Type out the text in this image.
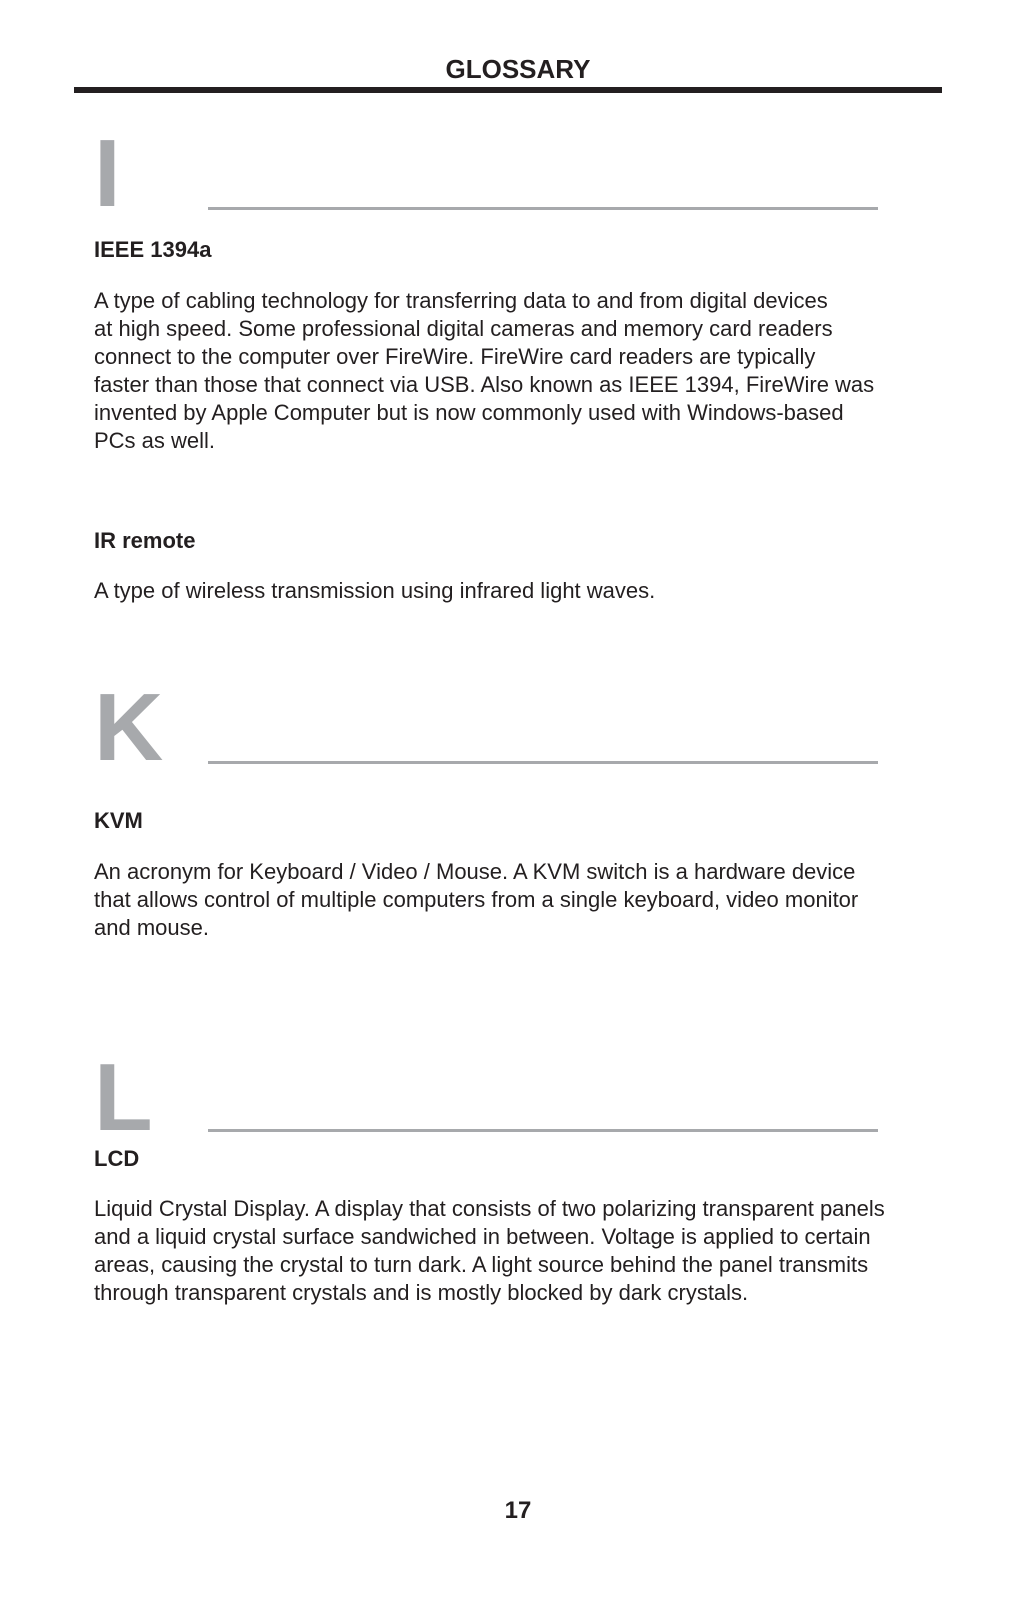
GLOSSARY
I
IEEE 1394a
A type of cabling technology for transferring data to and from digital devices
at high speed. Some professional digital cameras and memory card readers
connect to the computer over FireWire. FireWire card readers are typically
faster than those that connect via USB. Also known as IEEE 1394, FireWire was
invented by Apple Computer but is now commonly used with Windows-based
PCs as well.
IR remote
A type of wireless transmission using infrared light waves.
K
KVM
An acronym for Keyboard / Video / Mouse. A KVM switch is a hardware device
that allows control of multiple computers from a single keyboard, video monitor
and mouse.
L
LCD
Liquid Crystal Display. A display that consists of two polarizing transparent panels
and a liquid crystal surface sandwiched in between. Voltage is applied to certain
areas, causing the crystal to turn dark. A light source behind the panel transmits
through transparent crystals and is mostly blocked by dark crystals.
17
